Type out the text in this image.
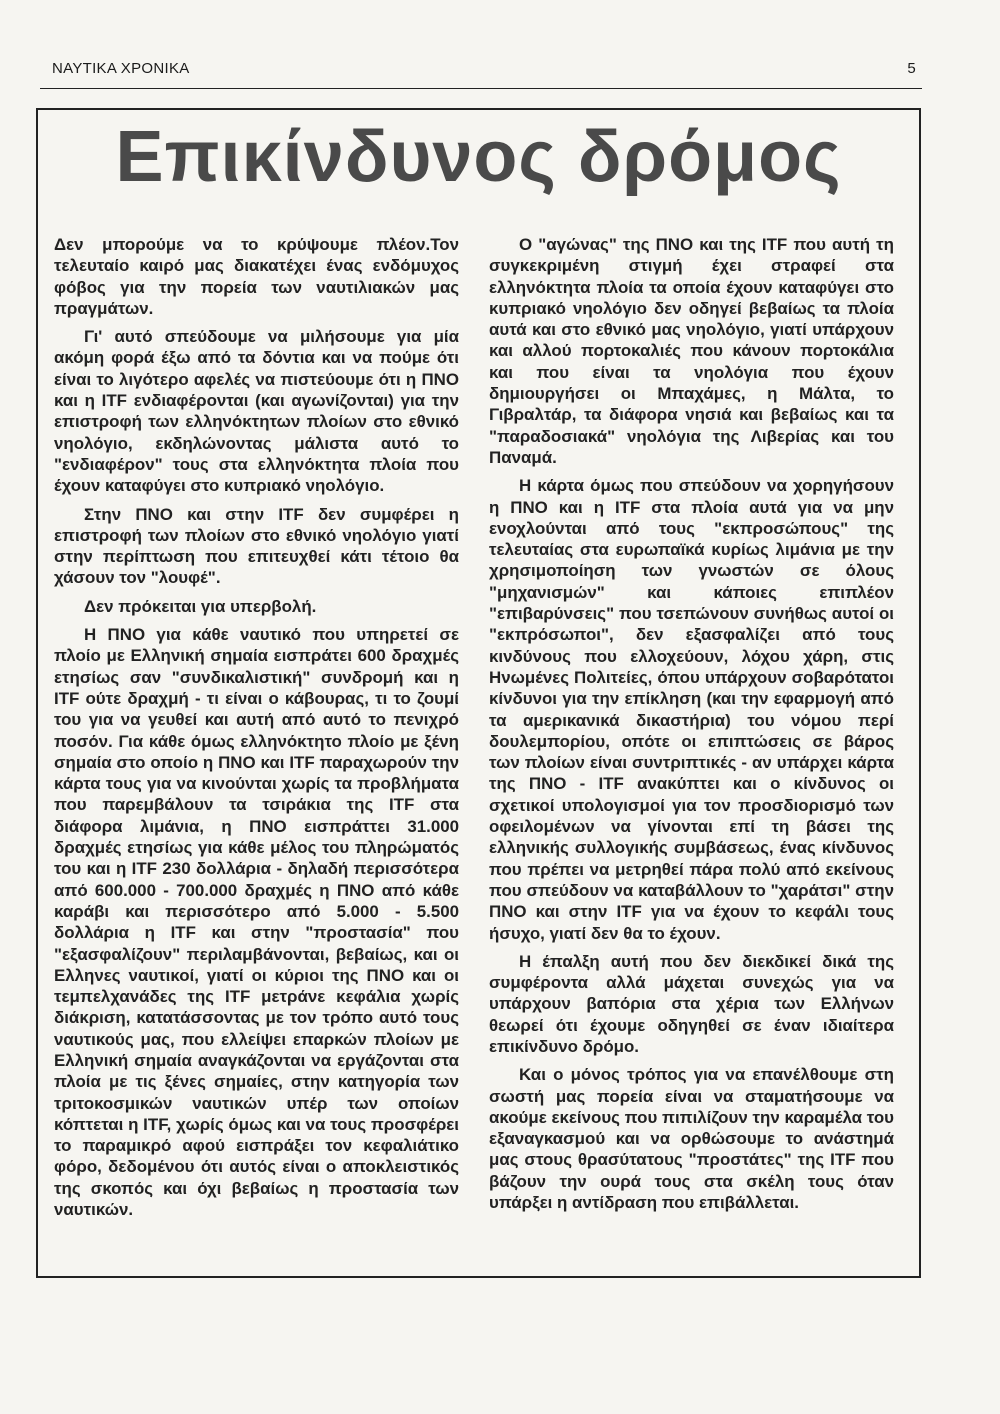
ΝΑΥΤΙΚΑ ΧΡΟΝΙΚΑ	5
Επικίνδυνος δρόμος

Δεν μπορούμε να το κρύψουμε πλέον.Τον τελευταίο καιρό μας διακατέχει ένας ενδόμυχος φόβος για την πορεία των ναυτιλιακών μας πραγμάτων.

Γι' αυτό σπεύδουμε να μιλήσουμε για μία ακόμη φορά έξω από τα δόντια και να πούμε ότι είναι το λιγότερο αφελές να πιστεύουμε ότι η ΠΝΟ και η ITF ενδιαφέρονται (και αγωνίζονται) για την επιστροφή των ελληνόκτητων πλοίων στο εθνικό νηολόγιο, εκδηλώνοντας μάλιστα αυτό το "ενδιαφέρον" τους στα ελληνόκτητα πλοία που έχουν καταφύγει στο κυπριακό νηολόγιο.

Στην ΠΝΟ και στην ITF δεν συμφέρει η επιστροφή των πλοίων στο εθνικό νηολόγιο γιατί στην περίπτωση που επιτευχθεί κάτι τέτοιο θα χάσουν τον "λουφέ".

Δεν πρόκειται για υπερβολή.

Η ΠΝΟ για κάθε ναυτικό που υπηρετεί σε πλοίο με Ελληνική σημαία εισπράτει 600 δραχμές ετησίως σαν "συνδικαλιστική" συνδρομή και η ITF ούτε δραχμή - τι είναι ο κάβουρας, τι το ζουμί του για να γευθεί και αυτή από αυτό το πενιχρό ποσόν. Για κάθε όμως ελληνόκτητο πλοίο με ξένη σημαία στο οποίο η ΠΝΟ και ITF παραχωρούν την κάρτα τους για να κινούνται χωρίς τα προβλήματα που παρεμβάλουν τα τσιράκια της ITF στα διάφορα λιμάνια, η ΠΝΟ εισπράττει 31.000 δραχμές ετησίως για κάθε μέλος του πληρώματός του και η ITF 230 δολλάρια - δηλαδή περισσότερα από 600.000 - 700.000 δραχμές η ΠΝΟ από κάθε καράβι και περισσότερο από 5.000 - 5.500 δολλάρια η ITF και στην "προστασία" που "εξασφαλίζουν" περιλαμβάνονται, βεβαίως, και οι Ελληνες ναυτικοί, γιατί οι κύριοι της ΠΝΟ και οι τεμπελχανάδες της ITF μετράνε κεφάλια χωρίς διάκριση, κατατάσσοντας με τον τρόπο αυτό τους ναυτικούς μας, που ελλείψει επαρκών πλοίων με Ελληνική σημαία αναγκάζονται να εργάζονται στα πλοία με τις ξένες σημαίες, στην κατηγορία των τριτοκοσμικών ναυτικών υπέρ των οποίων κόπτεται η ITF, χωρίς όμως και να τους προσφέρει το παραμικρό αφού εισπράξει τον κεφαλιάτικο φόρο, δεδομένου ότι αυτός είναι ο αποκλειστικός της σκοπός και όχι βεβαίως η προστασία των ναυτικών.

Ο "αγώνας" της ΠΝΟ και της ITF που αυτή τη συγκεκριμένη στιγμή έχει στραφεί στα ελληνόκτητα πλοία τα οποία έχουν καταφύγει στο κυπριακό νηολόγιο δεν οδηγεί βεβαίως τα πλοία αυτά και στο εθνικό μας νηολόγιο, γιατί υπάρχουν και αλλού πορτοκαλιές που κάνουν πορτοκάλια και που είναι τα νηολόγια που έχουν δημιουργήσει οι Μπαχάμες, η Μάλτα, το Γιβραλτάρ, τα διάφορα νησιά και βεβαίως και τα "παραδοσιακά" νηολόγια της Λιβερίας και του Παναμά.

Η κάρτα όμως που σπεύδουν να χορηγήσουν η ΠΝΟ και η ITF στα πλοία αυτά για να μην ενοχλούνται από τους "εκπροσώπους" της τελευταίας στα ευρωπαϊκά κυρίως λιμάνια με την χρησιμοποίηση των γνωστών σε όλους "μηχανισμών" και κάποιες επιπλέον "επιβαρύνσεις" που τσεπώνουν συνήθως αυτοί οι "εκπρόσωποι", δεν εξασφαλίζει από τους κινδύνους που ελλοχεύουν, λόχου χάρη, στις Ηνωμένες Πολιτείες, όπου υπάρχουν σοβαρότατοι κίνδυνοι για την επίκληση (και την εφαρμογή από τα αμερικανικά δικαστήρια) του νόμου περί δουλεμπορίου, οπότε οι επιπτώσεις σε βάρος των πλοίων είναι συντριπτικές - αν υπάρχει κάρτα της ΠΝΟ - ITF ανακύπτει και ο κίνδυνος οι σχετικοί υπολογισμοί για τον προσδιορισμό των οφειλομένων να γίνονται επί τη βάσει της ελληνικής συλλογικής συμβάσεως, ένας κίνδυνος που πρέπει να μετρηθεί πάρα πολύ από εκείνους που σπεύδουν να καταβάλλουν το "χαράτσι" στην ΠΝΟ και στην ITF για να έχουν το κεφάλι τους ήσυχο, γιατί δεν θα το έχουν.

Η έπαλξη αυτή που δεν διεκδικεί δικά της συμφέροντα αλλά μάχεται συνεχώς για να υπάρχουν βαπόρια στα χέρια των Ελλήνων θεωρεί ότι έχουμε οδηγηθεί σε έναν ιδιαίτερα επικίνδυνο δρόμο.

Και ο μόνος τρόπος για να επανέλθουμε στη σωστή μας πορεία είναι να σταματήσουμε να ακούμε εκείνους που πιπιλίζουν την καραμέλα του εξαναγκασμού και να ορθώσουμε το ανάστημά μας στους θρασύτατους "προστάτες" της ITF που βάζουν την ουρά τους στα σκέλη τους όταν υπάρξει η αντίδραση που επιβάλλεται.
